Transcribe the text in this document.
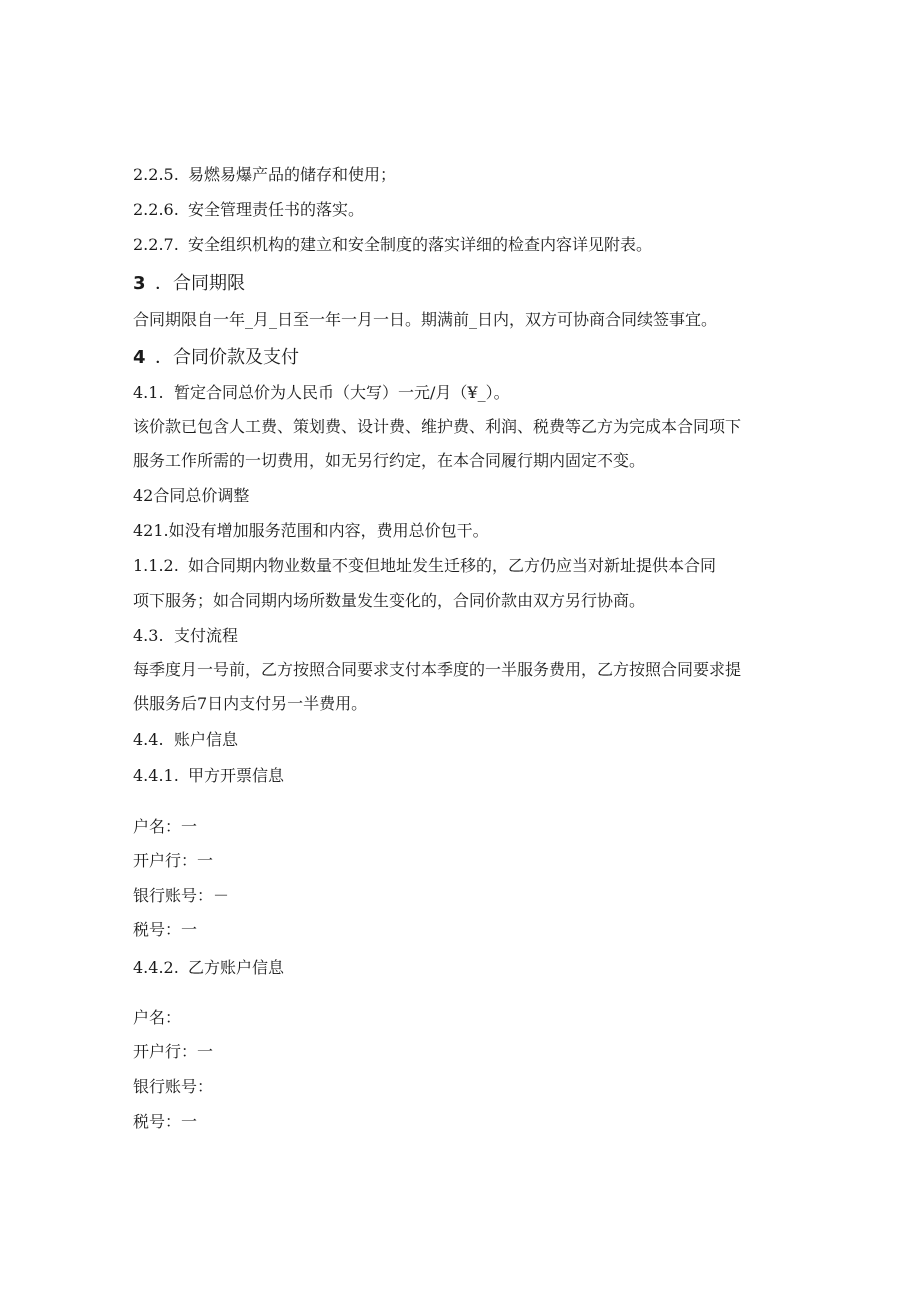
2.2.5. 易燃易爆产品的储存和使用；

2.2.6. 安全管理责任书的落实。

2.2.7. 安全组织机构的建立和安全制度的落实详细的检查内容详见附表。

3 ．合同期限

合同期限自一年_月_日至一年一月一日。期满前_日内，双方可协商合同续签事宜。

4 ．合同价款及支付

4.1. 暂定合同总价为人民币（大写）一元/月（¥_）。

该价款已包含人工费、策划费、设计费、维护费、利润、税费等乙方为完成本合同项下

服务工作所需的一切费用，如无另行约定，在本合同履行期内固定不变。

42合同总价调整

421.如没有增加服务范围和内容，费用总价包干。

1.1.2. 如合同期内物业数量不变但地址发生迁移的，乙方仍应当对新址提供本合同

项下服务；如合同期内场所数量发生变化的，合同价款由双方另行协商。

4.3. 支付流程

每季度月一号前，乙方按照合同要求支付本季度的一半服务费用，乙方按照合同要求提

供服务后7日内支付另一半费用。

4.4. 账户信息

4.4.1. 甲方开票信息

户名：一

开户行：一

银行账号：－

税号：一

4.4.2. 乙方账户信息

户名：

开户行：一

银行账号：

税号：一
